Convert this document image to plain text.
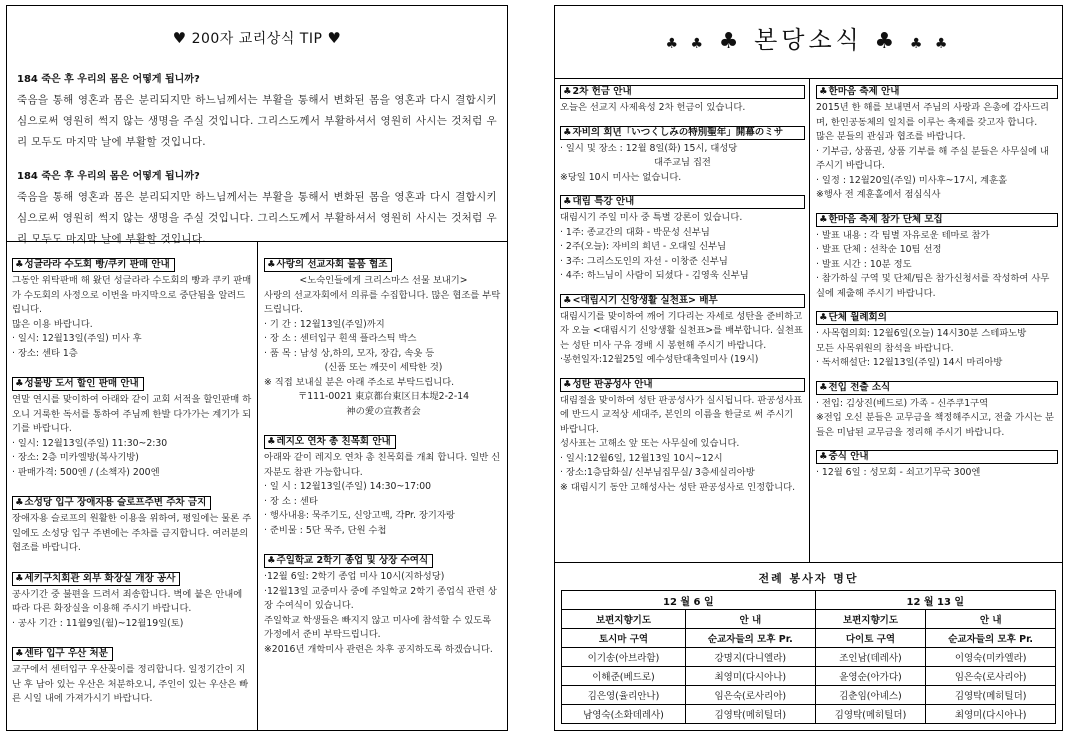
♥ 200자 교리상식 TIP ♥
184 죽은 후 우리의 몸은 어떻게 됩니까?
죽음을 통해 영혼과 몸은 분리되지만 하느님께서는 부활을 통해서 변화된 몸을 영혼과 다시 결합시키심으로써 영원히 썩지 않는 생명을 주실 것입니다. 그리스도께서 부활하셔서 영원히 사시는 것처럼 우리 모두도 마지막 날에 부활할 것입니다.
184 죽은 후 우리의 몸은 어떻게 됩니까?
죽음을 통해 영혼과 몸은 분리되지만 하느님께서는 부활을 통해서 변화된 몸을 영혼과 다시 결합시키심으로써 영원히 썩지 않는 생명을 주실 것입니다. 그리스도께서 부활하셔서 영원히 사시는 것처럼 우리 모두도 마지막 날에 부활할 것입니다.
♣ 성글라라 수도회 빵/쿠키 판매 안내

그동안 위탁판매 해 왔던 성글라라 수도회의 빵과 쿠키 판매가 수도회의 사정으로 이번을 마지막으로 중단됨을 알려드립니다.

많은 이용 바랍니다.

· 일시: 12월13일(주일) 미사 후

· 장소: 센타 1층

♣ 성물방 도서 할인 판매 안내

연말 연시를 맞이하여 아래와 같이 교회 서적을 할인판매 하오니 거룩한 독서를 통하여 주님께 한발 다가가는 계기가 되기를 바랍니다.

· 일시: 12월13일(주일) 11:30~2:30

· 장소: 2층 미카엘방(복사기방)

· 판매가격: 500엔 / (소책자) 200엔

♣ 소성당 입구 장애자용 슬로프주변 주차 금지

장애자용 슬로프의 원활한 이용을 위하여, 평일에는 물론 주일에도 소성당 입구 주변에는 주차를 금지합니다. 여러분의 협조를 바랍니다.

♣ 세키구치회관 외부 화장실 개장 공사

공사기간 중 불편을 드려서 죄송합니다. 벽에 붙은 안내에 따라 다른 화장실을 이용해 주시기 바랍니다.

· 공사 기간 : 11월9일(월)~12월19일(토)

♣ 센타 입구 우산 처분

교구에서 센터입구 우산꽂이를 정리합니다. 일정기간이 지난 후 남아 있는 우산은 처분하오니, 주인이 있는 우산은 빠른 시일 내에 가져가시기 바랍니다.

♣ 사랑의 선교자회 물품 협조

<노숙인들에게 크리스마스 선물 보내기>

사랑의 선교자회에서 의류를 수집합니다. 많은 협조를 부탁드립니다.

· 기 간 : 12월13일(주일)까지

· 장 소 : 센터입구 흰색 플라스틱 박스

· 품 목 : 남성 상,하의, 모자, 장갑, 속옷 등

(신품 또는 깨끗이 세탁한 것)

※ 직접 보내실 분은 아래 주소로 부탁드립니다.

〒111-0021 東京都台東区日本堤2-2-14

神の愛の宣教者会

♣ 레지오 연차 총 친목회 안내

아래와 같이 레지오 연차 총 친목회를 개최 합니다. 일반 신자분도 참관 가능합니다.

· 일 시 : 12월13일(주일) 14:30~17:00

· 장 소 : 센타

· 행사내용: 묵주기도, 신앙고백, 각Pr. 장기자랑

· 준비물 : 5단 묵주, 단원 수첩

♣ 주일학교 2학기 종업 및 상장 수여식

·12월 6일: 2학기 종업 미사 10시(지하성당)

·12월13일 교중미사 중에 주일학교 2학기 종업식 관련 상장 수여식이 있습니다.

주일학교 학생들은 빠지지 않고 미사에 참석할 수 있도록 가정에서 준비 부탁드립니다.

※2016년 개학미사 관련은 차후 공지하도록 하겠습니다.

♣ ♣ ♣ 본당소식 ♣ ♣ ♣
♣ 2차 헌금 안내

오늘은 선교지 사제육성 2차 헌금이 있습니다.

♣ 자비의 희년「いつくしみの特別聖年」開幕のミサ

· 일시 및 장소 : 12월 8일(화) 15시, 대성당

대주교님 집전

※당일 10시 미사는 없습니다.

♣ 대림 특강 안내

대림시기 주일 미사 중 특별 강론이 있습니다.

· 1주: 종교간의 대화 - 박문성 신부님

· 2주(오늘): 자비의 희년 - 오대일 신부님

· 3주: 그리스도인의 자선 - 이창준 신부님

· 4주: 하느님이 사람이 되셨다 - 김영욱 신부님

♣ <대림시기 신앙생활 실천표> 배부

대림시기를 맞이하여 깨어 기다리는 자세로 성탄을 준비하고자 오늘 <대림시기 신앙생활 실천표>를 배부합니다. 실천표는 성탄 미사 구유 경배 시 봉헌해 주시기 바랍니다.

·봉헌일자:12월25일 예수성탄대축일미사 (19시)

♣ 성탄 판공성사 안내

대림절을 맞이하여 성탄 판공성사가 실시됩니다. 판공성사표에 반드시 교적상 세대주, 본인의 이름을 한글로 써 주시기 바랍니다.

성사표는 고해소 앞 또는 사무실에 있습니다.

· 일시:12월6일, 12월13일 10시~12시

· 장소:1층담화실/ 신부님집무실/ 3층세실리아방

※ 대림시기 동안 고해성사는 성탄 판공성사로 인정합니다.

♣ 한마음 축제 안내

2015년 한 해를 보내면서 주님의 사랑과 은총에 감사드리며, 한인공동체의 일치를 이루는 축제를 갖고자 합니다.

많은 분들의 관심과 협조를 바랍니다.

· 기부금, 상품권, 상품 기부를 해 주실 분들은 사무실에 내 주시기 바랍니다.

· 일정 : 12월20일(주일) 미사후~17시, 계훈홀

※행사 전 계훈홀에서 점심식사

♣ 한마음 축제 참가 단체 모집

· 발표 내용 : 각 팀별 자유로운 테마로 참가

· 발표 단체 : 선착순 10팀 선정

· 발표 시간 : 10분 정도

· 참가하실 구역 및 단체/팀은 참가신청서를 작성하여 사무실에 제출해 주시기 바랍니다.

♣ 단체 월례회의

· 사목협의회: 12월6일(오늘) 14시30분 스테파노방

모든 사목위원의 참석을 바랍니다.

· 독서해설단: 12월13일(주일) 14시 마리아방

♣ 전입 전출 소식

· 전입: 김상진(베드로) 가족 - 신주쿠1구역

※전입 오신 분들은 교무금을 책정해주시고, 전출 가시는 분들은 미납된 교무금을 정리해 주시기 바랍니다.

♣ 중식 안내

· 12월 6일 : 성모회 - 쇠고기무국 300엔

전례 봉사자 명단
12 월 6 일		12 월 13 일	
보편지향기도	안 내	보편지향기도	안 내
토시마 구역	순교자들의 모후 Pr.	다이토 구역	순교자들의 모후 Pr.
이기송(아브라함)	강명지(다니엘라)	조인남(데레사)	이영숙(미카엘라)
이해준(베드로)	최영미(다시아나)	윤영순(아가다)	임은숙(로사리아)
김은영(율리안나)	임은숙(로사리아)	김춘임(아녜스)	김영탁(메히틸더)
남영숙(소화데레사)	김영탁(메히틸더)	김영탁(메히틸더)	최영미(다시아나)
